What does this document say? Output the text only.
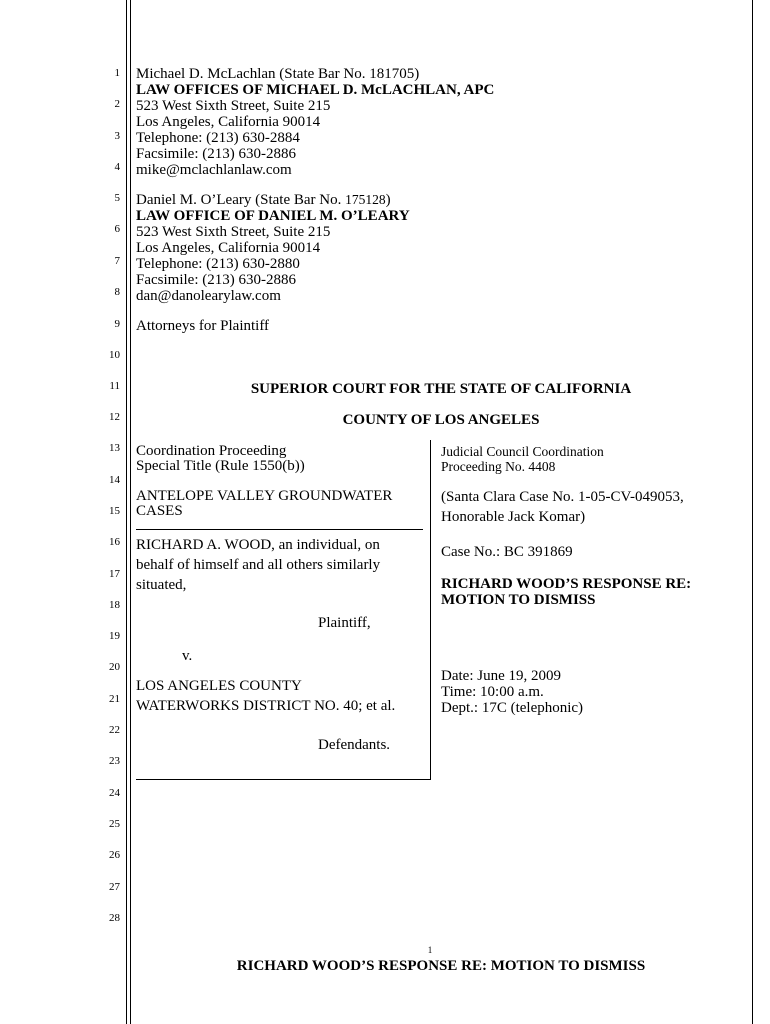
1
2
3
4
5
6
7
8
9
10
11
12
13
14
15
16
17
18
19
20
21
22
23
24
25
26
27
28
Michael D. McLachlan (State Bar No. 181705)
LAW OFFICES OF MICHAEL D. McLACHLAN, APC
523 West Sixth Street, Suite 215
Los Angeles, California 90014
Telephone: (213) 630-2884
Facsimile: (213) 630-2886
mike@mclachlanlaw.com
Daniel M. O’Leary (State Bar No. 175128)
LAW OFFICE OF DANIEL M. O’LEARY
523 West Sixth Street, Suite 215
Los Angeles, California 90014
Telephone: (213) 630-2880
Facsimile: (213) 630-2886
dan@danolearylaw.com
Attorneys for Plaintiff
SUPERIOR COURT FOR THE STATE OF CALIFORNIA
COUNTY OF LOS ANGELES
Coordination Proceeding
Special Title (Rule 1550(b))
ANTELOPE VALLEY GROUNDWATER
CASES
RICHARD A. WOOD, an individual, on
behalf of himself and all others similarly
situated,
Plaintiff,
v.
LOS ANGELES COUNTY
WATERWORKS DISTRICT NO. 40; et al.
Defendants.
Judicial Council Coordination
Proceeding No. 4408
(Santa Clara Case No. 1-05-CV-049053,
Honorable Jack Komar)
Case No.: BC 391869
RICHARD WOOD’S RESPONSE RE:
MOTION TO DISMISS
Date: June 19, 2009
Time: 10:00 a.m.
Dept.: 17C (telephonic)
1
RICHARD WOOD’S RESPONSE RE: MOTION TO DISMISS
